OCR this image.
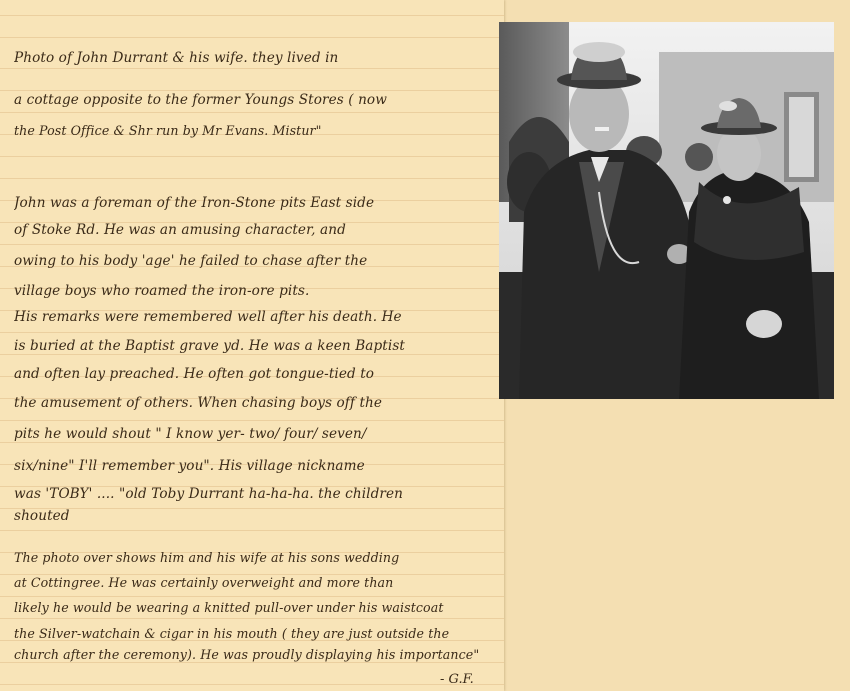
Photo of John Durrant & his wife. they lived in
a cottage opposite to the former Youngs Stores ( now
the Post Office & Shr run by Mr Evans. Mistur"
John was a foreman of the Iron-Stone pits East side
of Stoke Rd. He was an amusing character, and
owing to his body 'age' he failed to chase after the
village boys who roamed the iron-ore pits.
His remarks were remembered well after his death. He
is buried at the Baptist grave yd. He was a keen Baptist
and often lay preached. He often got tongue-tied to
the amusement of others. When chasing boys off the
pits he would shout " I know yer- two/ four/ seven/
six/nine" I'll remember you". His village nickname
was 'TOBY' .... "old Toby Durrant ha-ha-ha. the children
shouted
The photo over shows him and his wife at his sons wedding
at Cottingree. He was certainly overweight and more than
likely he would be wearing a knitted pull-over under his waistcoat
the Silver-watchain & cigar in his mouth ( they are just outside the
church after the ceremony). He was proudly displaying his importance"
- G.F.
